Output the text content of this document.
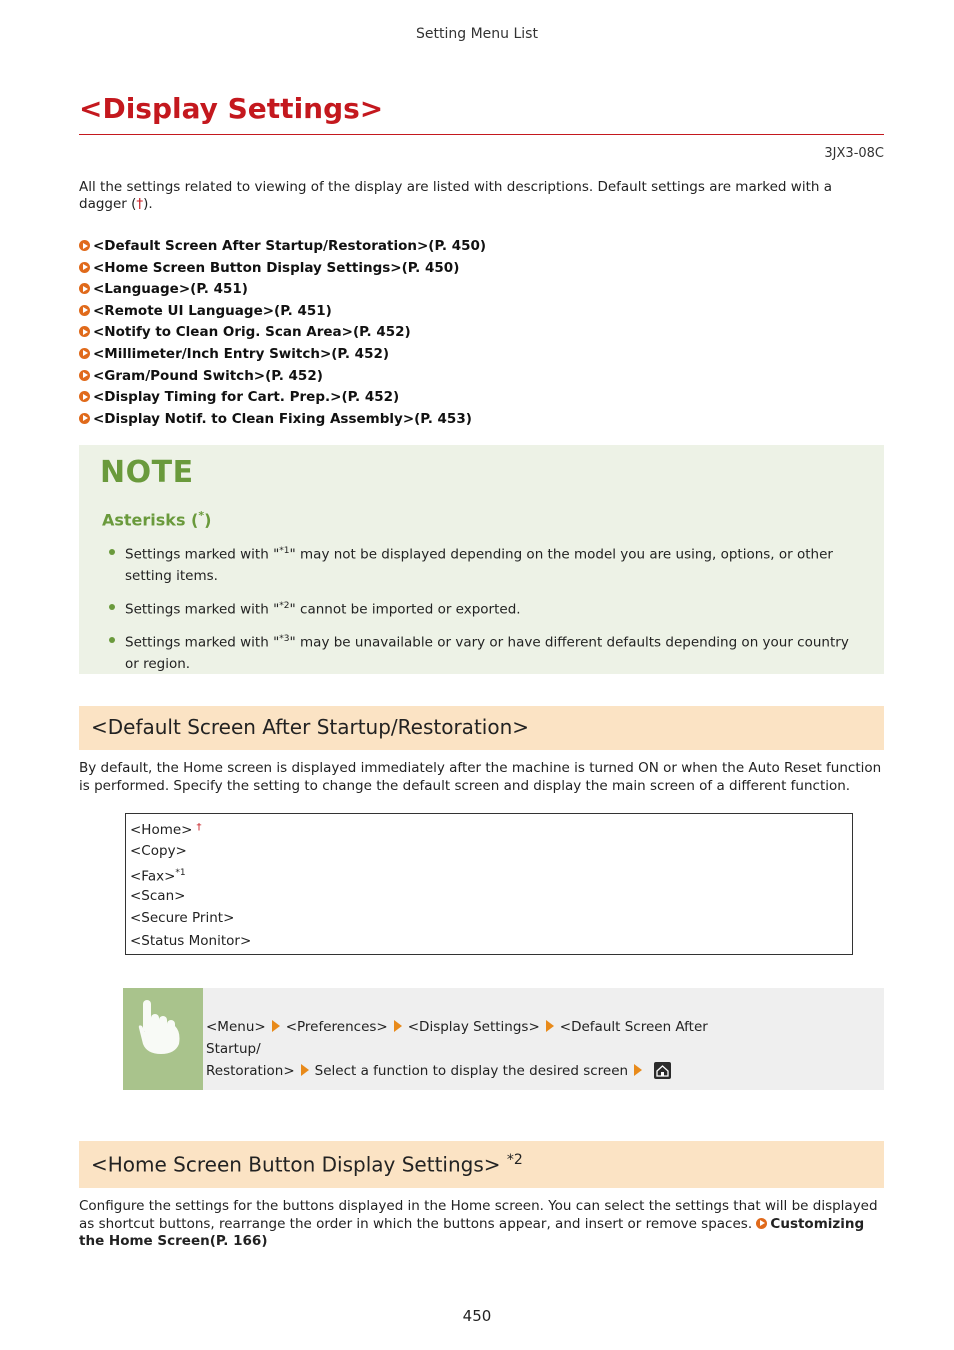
Setting Menu List
<Display Settings>
3JX3-08C
All the settings related to viewing of the display are listed with descriptions. Default settings are marked with a dagger (†).
<Default Screen After Startup/Restoration>(P. 450)
<Home Screen Button Display Settings>(P. 450)
<Language>(P. 451)
<Remote UI Language>(P. 451)
<Notify to Clean Orig. Scan Area>(P. 452)
<Millimeter/Inch Entry Switch>(P. 452)
<Gram/Pound Switch>(P. 452)
<Display Timing for Cart. Prep.>(P. 452)
<Display Notif. to Clean Fixing Assembly>(P. 453)
NOTE
Asterisks (*)
Settings marked with "$^{*1}$" may not be displayed depending on the model you are using, options, or other setting items.
Settings marked with "$^{*2}$" cannot be imported or exported.
Settings marked with "$^{*3}$" may be unavailable or vary or have different defaults depending on your country or region.
<Default Screen After Startup/Restoration>
By default, the Home screen is displayed immediately after the machine is turned ON or when the Auto Reset function is performed. Specify the setting to change the default screen and display the main screen of a different function.
<Home> †
<Copy>
<Fax>$^{*1}$
<Scan>
<Secure Print>
<Status Monitor>
<Menu> <Preferences> <Display Settings> <Default Screen After Startup/
Restoration> Select a function to display the desired screen
<Home Screen Button Display Settings> $^{*2}$
Configure the settings for the buttons displayed in the Home screen. You can select the settings that will be displayed as shortcut buttons, rearrange the order in which the buttons appear, and insert or remove spaces. Customizing
the Home Screen(P. 166)
450
